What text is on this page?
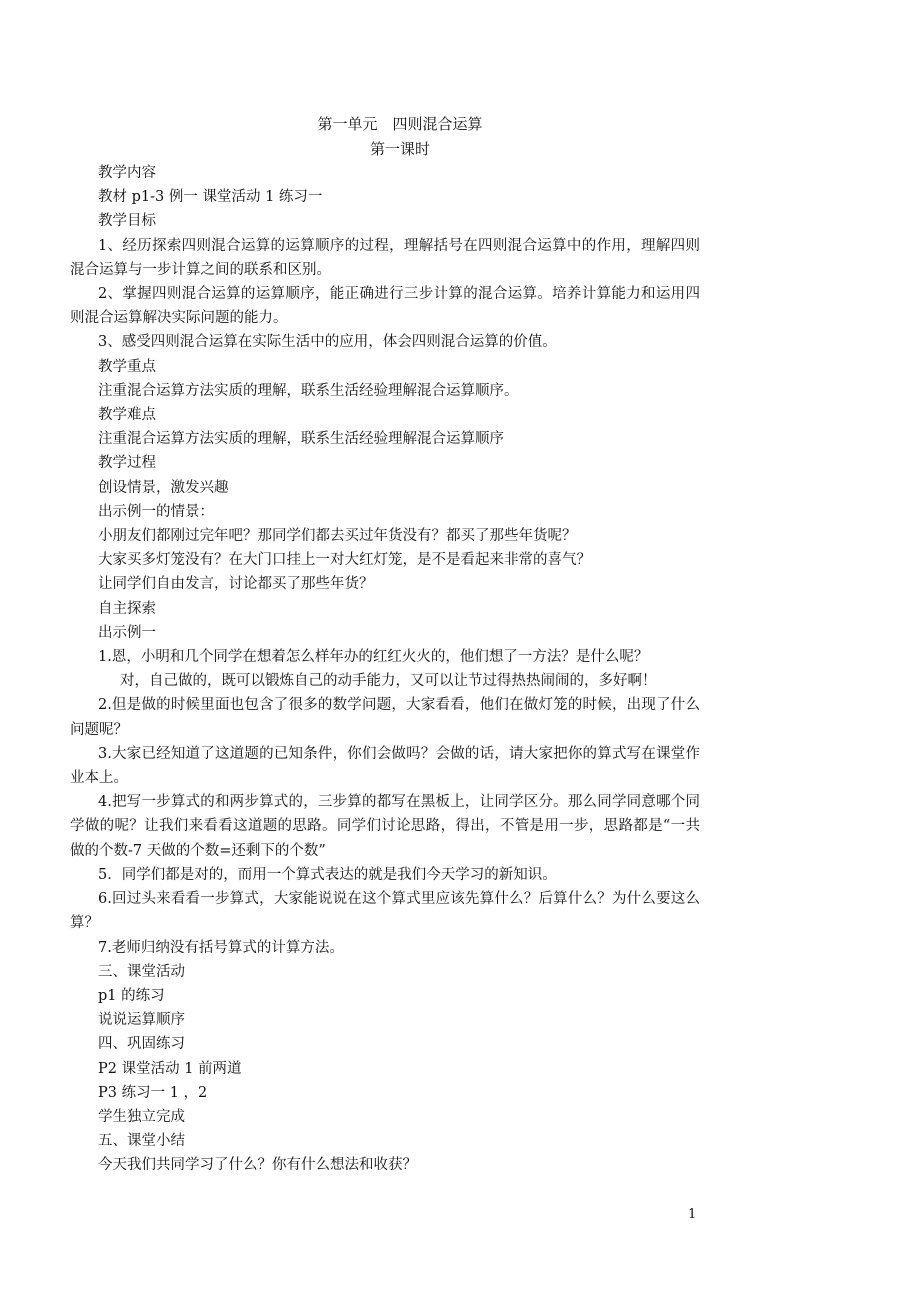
第一单元　四则混合运算
第一课时
教学内容
教材 p1-3 例一 课堂活动 1 练习一
教学目标
1、经历探索四则混合运算的运算顺序的过程，理解括号在四则混合运算中的作用，理解四则混合运算与一步计算之间的联系和区别。
2、掌握四则混合运算的运算顺序，能正确进行三步计算的混合运算。培养计算能力和运用四则混合运算解决实际问题的能力。
3、感受四则混合运算在实际生活中的应用，体会四则混合运算的价值。
教学重点
注重混合运算方法实质的理解，联系生活经验理解混合运算顺序。
教学难点
注重混合运算方法实质的理解，联系生活经验理解混合运算顺序
教学过程
创设情景，激发兴趣
出示例一的情景：
小朋友们都刚过完年吧？那同学们都去买过年货没有？都买了那些年货呢？
大家买多灯笼没有？在大门口挂上一对大红灯笼，是不是看起来非常的喜气？
让同学们自由发言，讨论都买了那些年货？
自主探索
出示例一
1.恩，小明和几个同学在想着怎么样年办的红红火火的，他们想了一方法？是什么呢？
对，自己做的，既可以锻炼自己的动手能力，又可以让节过得热热闹闹的，多好啊！
2.但是做的时候里面也包含了很多的数学问题，大家看看，他们在做灯笼的时候，出现了什么问题呢？
3.大家已经知道了这道题的已知条件，你们会做吗？会做的话，请大家把你的算式写在课堂作业本上。
4.把写一步算式的和两步算式的，三步算的都写在黑板上，让同学区分。那么同学同意哪个同学做的呢？让我们来看看这道题的思路。同学们讨论思路，得出，不管是用一步，思路都是“一共做的个数-7 天做的个数=还剩下的个数”
5．同学们都是对的，而用一个算式表达的就是我们今天学习的新知识。
6.回过头来看看一步算式，大家能说说在这个算式里应该先算什么？后算什么？为什么要这么算？
7.老师归纳没有括号算式的计算方法。
三、课堂活动
p1 的练习
说说运算顺序
四、巩固练习
P2 课堂活动 1 前两道
P3 练习一 1 ，2
学生独立完成
五、课堂小结
今天我们共同学习了什么？你有什么想法和收获？
1
